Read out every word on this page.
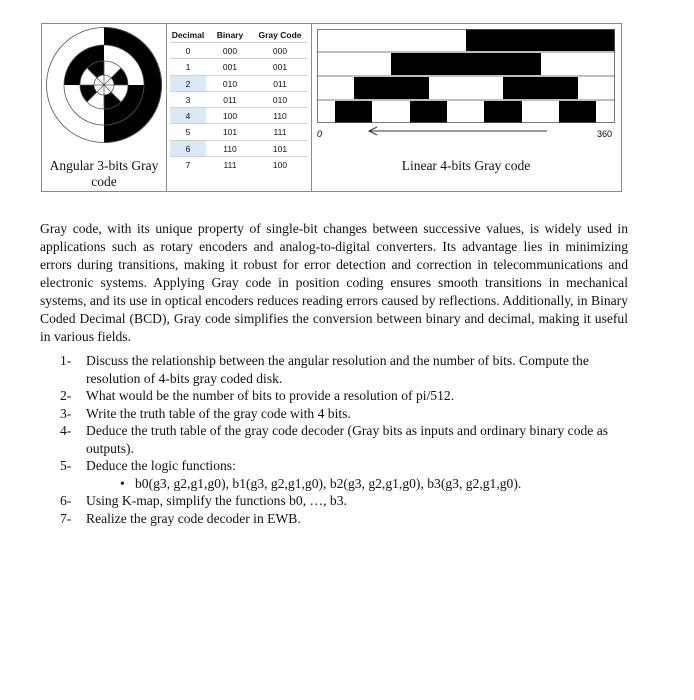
Angular 3-bits Gray code
Decimal	Binary	Gray Code
0	000	000
1	001	001
2	010	011
3	011	010
4	100	110
5	101	111
6	110	101
7	111	100
0	360
Linear 4-bits Gray code

Gray code, with its unique property of single-bit changes between successive values, is widely used in applications such as rotary encoders and analog-to-digital converters. Its advantage lies in minimizing errors during transitions, making it robust for error detection and correction in telecommunications and electronic systems. Applying Gray code in position coding ensures smooth transitions in mechanical systems, and its use in optical encoders reduces reading errors caused by reflections. Additionally, in Binary Coded Decimal (BCD), Gray code simplifies the conversion between binary and decimal, making it useful in various fields.

1- Discuss the relationship between the angular resolution and the number of bits. Compute the resolution of 4-bits gray coded disk.
2- What would be the number of bits to provide a resolution of pi/512.
3- Write the truth table of the gray code with 4 bits.
4- Deduce the truth table of the gray code decoder (Gray bits as inputs and ordinary binary code as outputs).
5- Deduce the logic functions:
• b0(g3, g2,g1,g0), b1(g3, g2,g1,g0), b2(g3, g2,g1,g0), b3(g3, g2,g1,g0).
6- Using K-map, simplify the functions b0, …, b3.
7- Realize the gray code decoder in EWB.
